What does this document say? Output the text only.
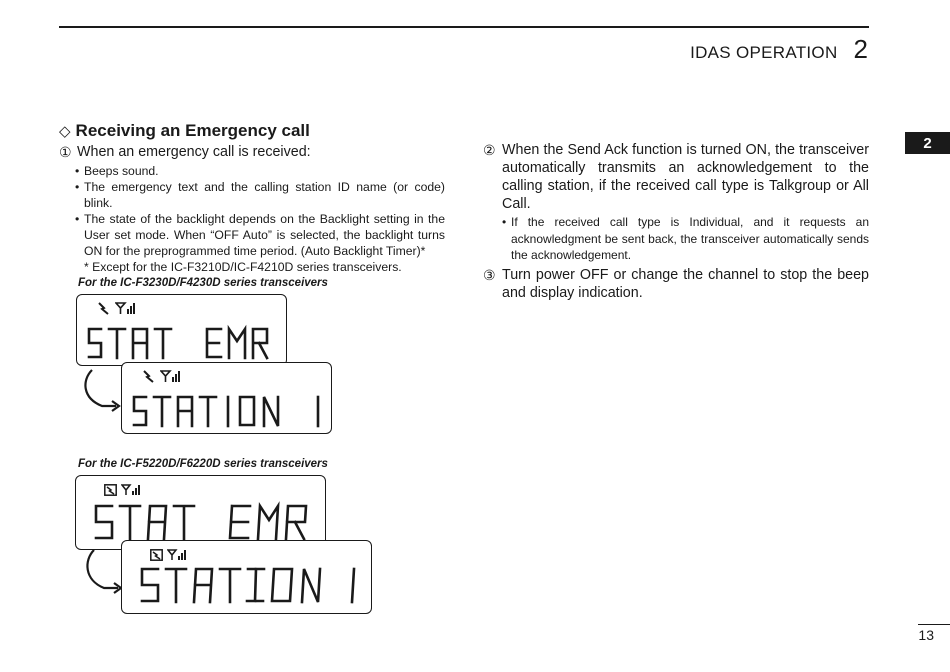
IDAS OPERATION 2
2
13
◇ Receiving an Emergency call
① When an emergency call is received:
• Beeps sound.
• The emergency text and the calling station ID name (or code) blink.
• The state of the backlight depends on the Backlight setting in the User set mode. When “OFF Auto” is selected, the backlight turns ON for the preprogrammed time period. (Auto Backlight Timer)*
* Except for the IC-F3210D/IC-F4210D series transceivers.
For the IC-F3230D/F4230D series transceivers
For the IC-F5220D/F6220D series transceivers
② When the Send Ack function is turned ON, the transceiver automatically transmits an acknowledgement to the calling station, if the received call type is Talkgroup or All Call.
• If the received call type is Individual, and it requests an acknowledgment be sent back, the transceiver automatically sends the acknowledgement.
③ Turn power OFF or change the channel to stop the beep and display indication.
